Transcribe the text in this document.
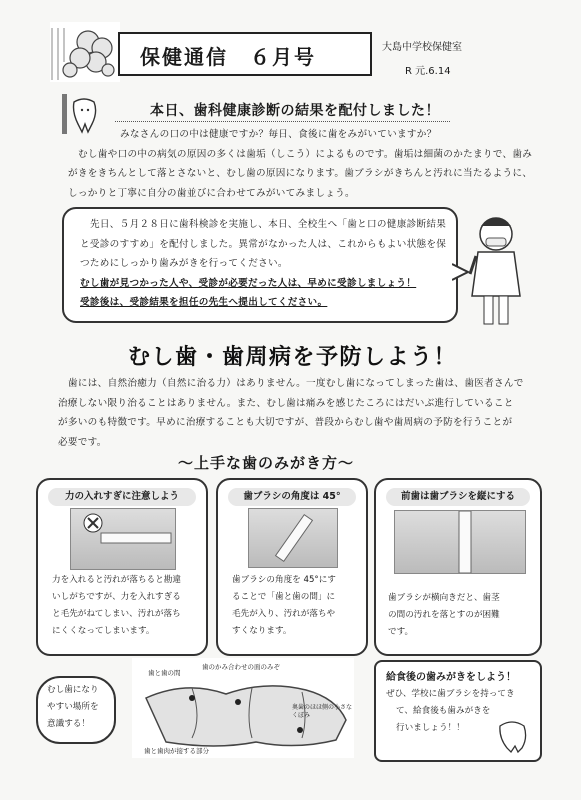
保健通信　６月号	大島中学校保健室
R 元.6.14
本日、歯科健康診断の結果を配付しました！
みなさんの口の中は健康ですか？毎日、食後に歯をみがいていますか？
むし歯や口の中の病気の原因の多くは歯垢（しこう）によるものです。歯垢は細菌のかたまりで、歯み
がきをきちんとして落とさないと、むし歯の原因になります。歯ブラシがきちんと汚れに当たるように、
しっかりと丁寧に自分の歯並びに合わせてみがいてみましょう。
先日、５月２８日に歯科検診を実施し、本日、全校生へ「歯と口の健康診断結果
と受診のすすめ」を配付しました。異常がなかった人は、これからもよい状態を保
つためにしっかり歯みがきを行ってください。
むし歯が見つかった人や、受診が必要だった人は、早めに受診しましょう！
受診後は、受診結果を担任の先生へ提出してください。
むし歯・歯周病を予防しよう！
歯には、自然治癒力（自然に治る力）はありません。一度むし歯になってしまった歯は、歯医者さんで
治療しない限り治ることはありません。また、むし歯は痛みを感じたころにはだいぶ進行していること
が多いのも特徴です。早めに治療することも大切ですが、普段からむし歯や歯周病の予防を行うことが
必要です。
～上手な歯のみがき方～
力の入れすぎに注意しよう
力を入れると汚れが落ちると勘違
いしがちですが、力を入れすぎる
と毛先がねてしまい、汚れが落ち
にくくなってしまいます。
歯ブラシの角度は 45°
歯ブラシの角度を 45°にす
ることで「歯と歯の間」に
毛先が入り、汚れが落ちや
すくなります。
前歯は歯ブラシを縦にする
歯ブラシが横向きだと、歯茎
の間の汚れを落とすのが困難
です。
むし歯になり
やすい場所を
意識する！
歯と歯の間
歯のかみ合わせの面のみぞ
奥歯のほほ側の小さなくぼみ
歯と歯肉が接する部分
給食後の歯みがきをしよう！
ぜひ、学校に歯ブラシを持ってき
て、給食後も歯みがきを
行いましょう！！
